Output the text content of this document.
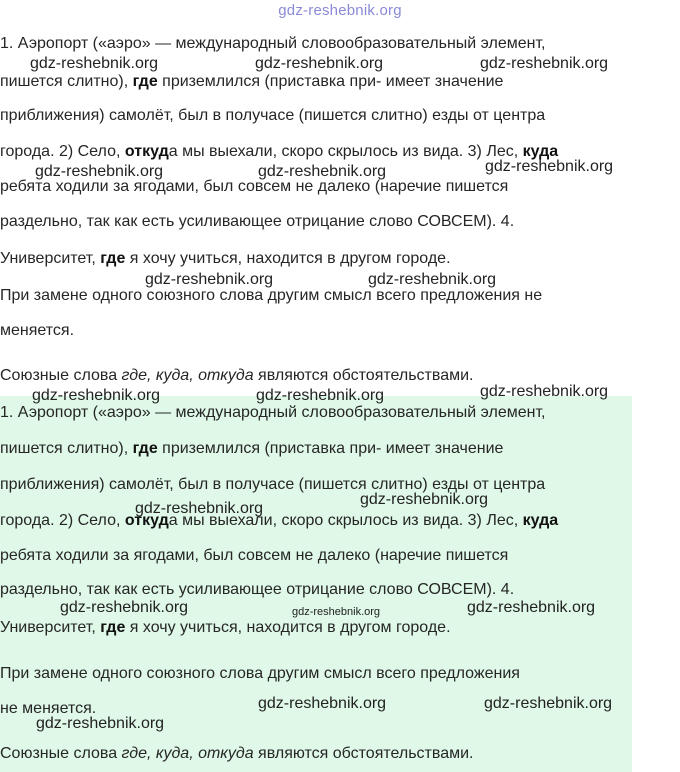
gdz-reshebnik.org
1. Аэропорт («аэро» — международный словообразовательный элемент,
пишется слитно), где приземлился (приставка при- имеет значение
приближения) самолёт, был в получасе (пишется слитно) езды от центра
города. 2) Село, откуда мы выехали, скоро скрылось из вида. 3) Лес, куда
ребята ходили за ягодами, был совсем не далеко (наречие пишется
раздельно, так как есть усиливающее отрицание слово СОВСЕМ). 4.
Университет, где я хочу учиться, находится в другом городе.
При замене одного союзного слова другим смысл всего предложения не
меняется.
Союзные слова где, куда, откуда являются обстоятельствами.
1. Аэропорт («аэро» — международный словообразовательный элемент,
пишется слитно), где приземлился (приставка при- имеет значение
приближения) самолёт, был в получасе (пишется слитно) езды от центра
города. 2) Село, откуда мы выехали, скоро скрылось из вида. 3) Лес, куда
ребята ходили за ягодами, был совсем не далеко (наречие пишется
раздельно, так как есть усиливающее отрицание слово СОВСЕМ). 4.
Университет, где я хочу учиться, находится в другом городе.
При замене одного союзного слова другим смысл всего предложения
не меняется.
Союзные слова где, куда, откуда являются обстоятельствами.
gdz-reshebnik.org	gdz-reshebnik.org	gdz-reshebnik.org
gdz-reshebnik.org	gdz-reshebnik.org	gdz-reshebnik.org
gdz-reshebnik.org	gdz-reshebnik.org
gdz-reshebnik.org	gdz-reshebnik.org	gdz-reshebnik.org
gdz-reshebnik.org
gdz-reshebnik.org
gdz-reshebnik.org	gdz-reshebnik.org	gdz-reshebnik.org
gdz-reshebnik.org	gdz-reshebnik.org
gdz-reshebnik.org
